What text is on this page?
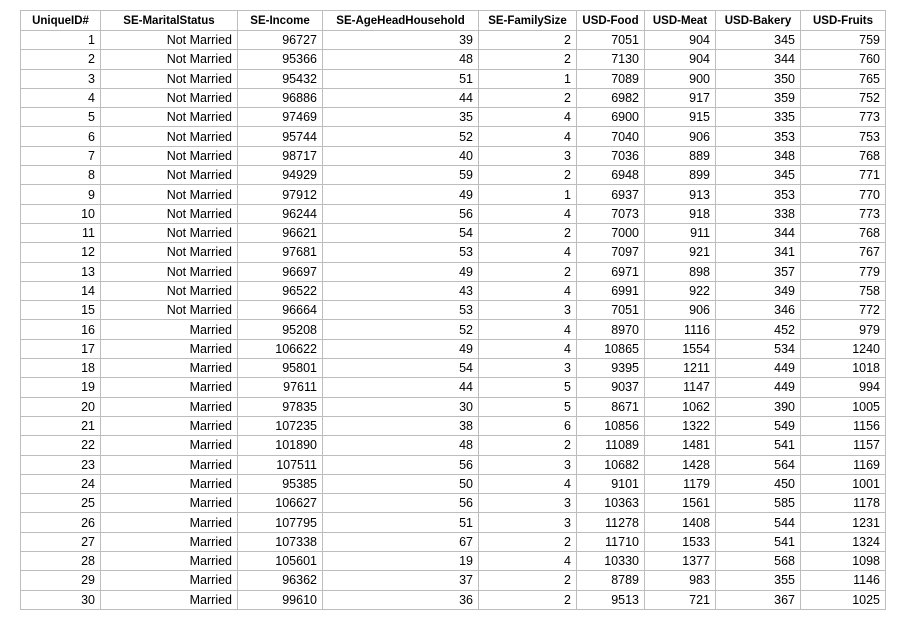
UniqueID#	SE-MaritalStatus	SE-Income	SE-AgeHeadHousehold	SE-FamilySize	USD-Food	USD-Meat	USD-Bakery	USD-Fruits
1	Not Married	96727	39	2	7051	904	345	759
2	Not Married	95366	48	2	7130	904	344	760
3	Not Married	95432	51	1	7089	900	350	765
4	Not Married	96886	44	2	6982	917	359	752
5	Not Married	97469	35	4	6900	915	335	773
6	Not Married	95744	52	4	7040	906	353	753
7	Not Married	98717	40	3	7036	889	348	768
8	Not Married	94929	59	2	6948	899	345	771
9	Not Married	97912	49	1	6937	913	353	770
10	Not Married	96244	56	4	7073	918	338	773
11	Not Married	96621	54	2	7000	911	344	768
12	Not Married	97681	53	4	7097	921	341	767
13	Not Married	96697	49	2	6971	898	357	779
14	Not Married	96522	43	4	6991	922	349	758
15	Not Married	96664	53	3	7051	906	346	772
16	Married	95208	52	4	8970	1116	452	979
17	Married	106622	49	4	10865	1554	534	1240
18	Married	95801	54	3	9395	1211	449	1018
19	Married	97611	44	5	9037	1147	449	994
20	Married	97835	30	5	8671	1062	390	1005
21	Married	107235	38	6	10856	1322	549	1156
22	Married	101890	48	2	11089	1481	541	1157
23	Married	107511	56	3	10682	1428	564	1169
24	Married	95385	50	4	9101	1179	450	1001
25	Married	106627	56	3	10363	1561	585	1178
26	Married	107795	51	3	11278	1408	544	1231
27	Married	107338	67	2	11710	1533	541	1324
28	Married	105601	19	4	10330	1377	568	1098
29	Married	96362	37	2	8789	983	355	1146
30	Married	99610	36	2	9513	721	367	1025
